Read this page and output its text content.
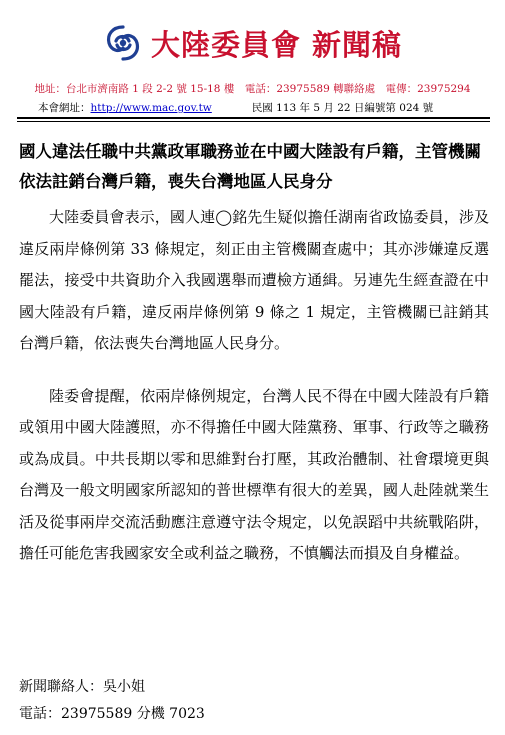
大陸委員會 新聞稿
地址：台北市濟南路 1 段 2-2 號 15-18 樓　電話：23975589 轉聯絡處　電傳：23975294
本會網址：http://www.mac.gov.tw	民國 113 年 5 月 22 日編號第 024 號
國人違法任職中共黨政軍職務並在中國大陸設有戶籍，主管機關依法註銷台灣戶籍，喪失台灣地區人民身分

大陸委員會表示，國人連◯銘先生疑似擔任湖南省政協委員，涉及違反兩岸條例第 33 條規定，刻正由主管機關查處中；其亦涉嫌違反選罷法，接受中共資助介入我國選舉而遭檢方通緝。另連先生經查證在中國大陸設有戶籍，違反兩岸條例第 9 條之 1 規定，主管機關已註銷其台灣戶籍，依法喪失台灣地區人民身分。

陸委會提醒，依兩岸條例規定，台灣人民不得在中國大陸設有戶籍或領用中國大陸護照，亦不得擔任中國大陸黨務、軍事、行政等之職務或為成員。中共長期以零和思維對台打壓，其政治體制、社會環境更與台灣及一般文明國家所認知的普世標準有很大的差異，國人赴陸就業生活及從事兩岸交流活動應注意遵守法令規定，以免誤蹈中共統戰陷阱，擔任可能危害我國家安全或利益之職務，不慎觸法而損及自身權益。

新聞聯絡人：吳小姐
電話：23975589 分機 7023
